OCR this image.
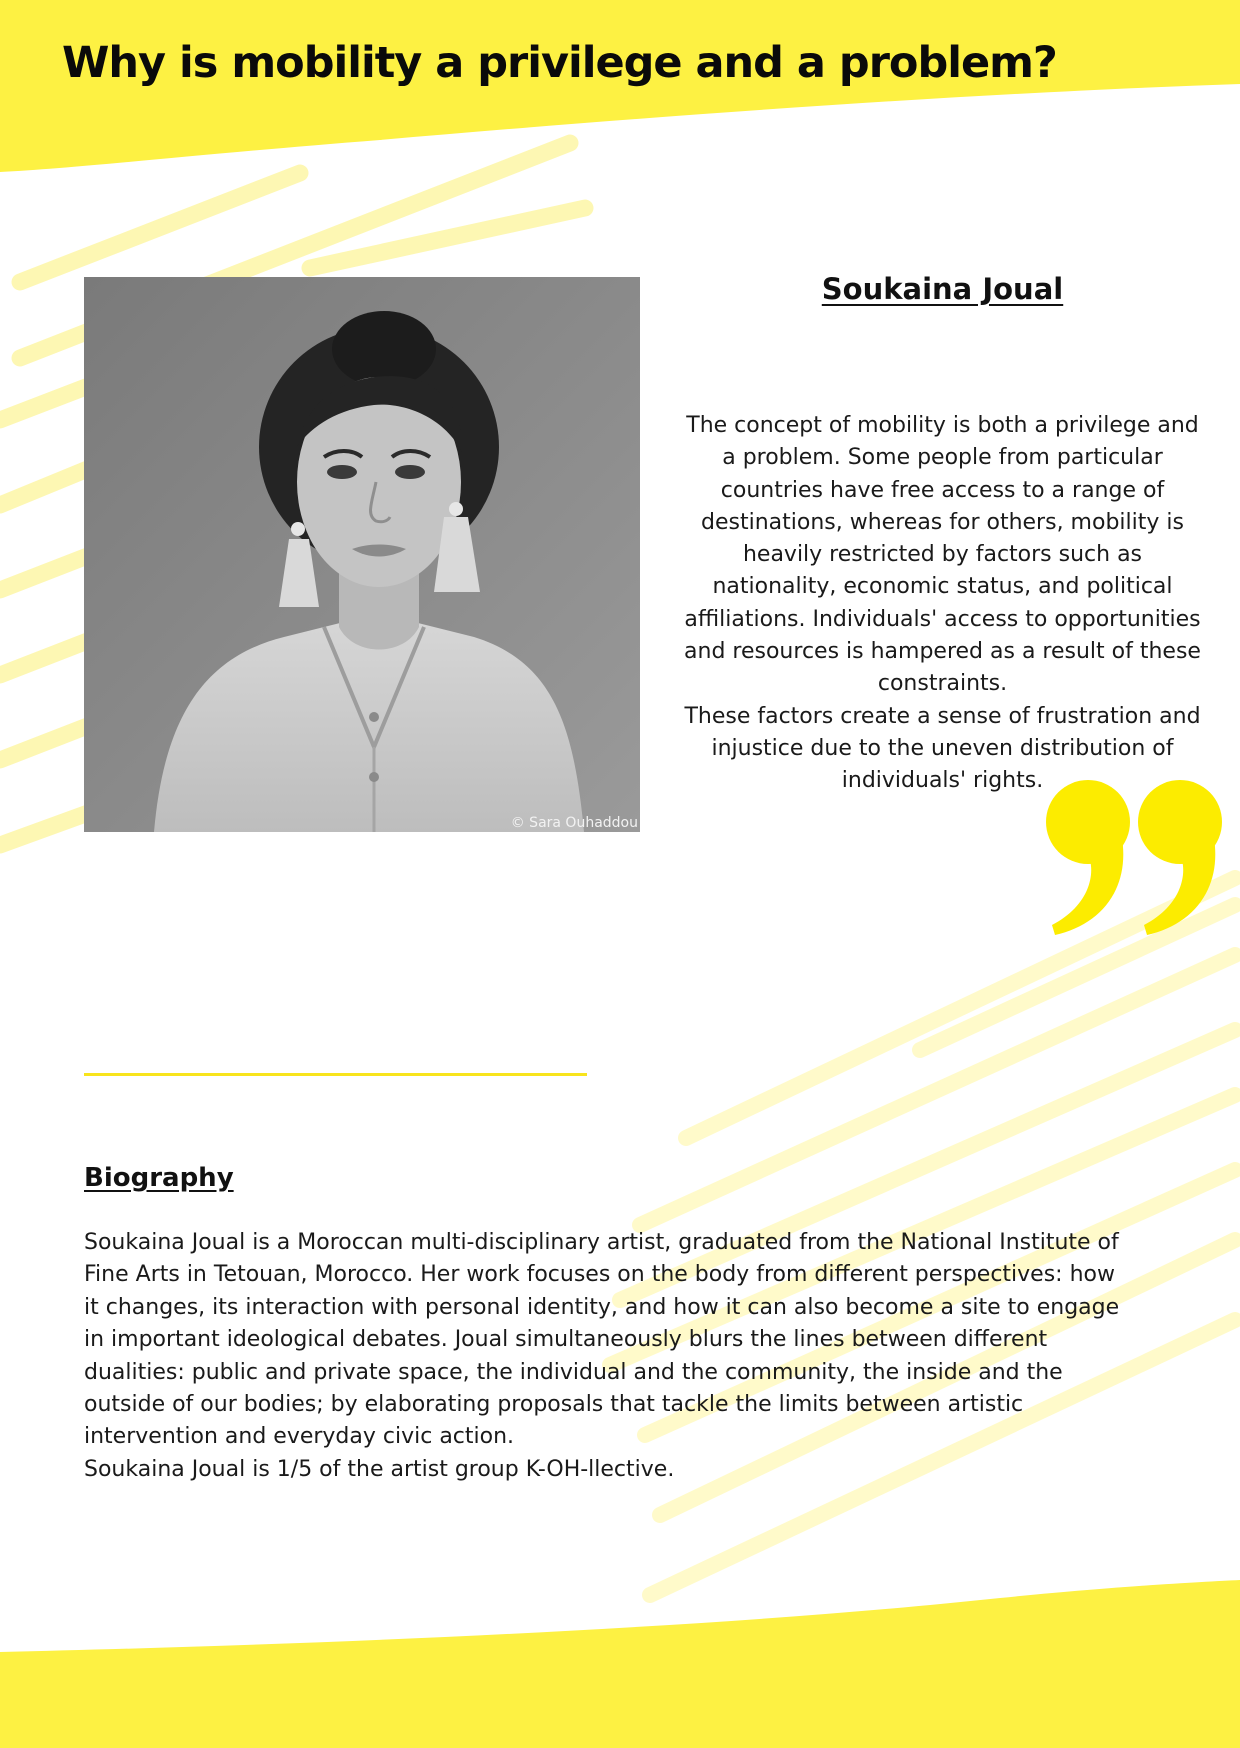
Why is mobility a privilege and a problem?
© Sara Ouhaddou
Soukaina Joual

The concept of mobility is both a privilege and a problem. Some people from particular countries have free access to a range of destinations, whereas for others, mobility is heavily restricted by factors such as nationality, economic status, and political affiliations. Individuals' access to opportunities and resources is hampered as a result of these constraints.

These factors create a sense of frustration and injustice due to the uneven distribution of individuals' rights.

Biography

Soukaina Joual is a Moroccan multi-disciplinary artist, graduated from the National Institute of Fine Arts in Tetouan, Morocco. Her work focuses on the body from different perspectives: how it changes, its interaction with personal identity, and how it can also become a site to engage in important ideological debates. Joual simultaneously blurs the lines between different dualities: public and private space, the individual and the community, the inside and the outside of our bodies; by elaborating proposals that tackle the limits between artistic intervention and everyday civic action.

Soukaina Joual is 1/5 of the artist group K-OH-llective.
